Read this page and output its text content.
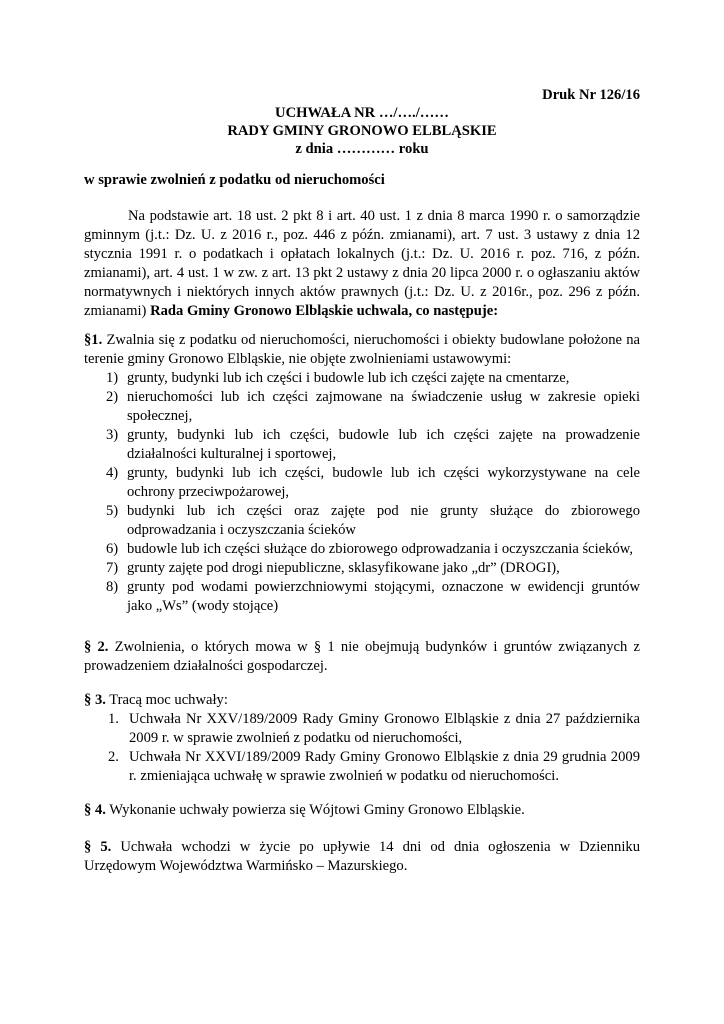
Druk Nr 126/16
UCHWAŁA NR …/…./……
RADY GMINY GRONOWO ELBLĄSKIE
z dnia ………… roku
w sprawie zwolnień z podatku od nieruchomości

Na podstawie art. 18 ust. 2 pkt 8 i art. 40 ust. 1 z dnia 8 marca 1990 r. o samorządzie gminnym (j.t.: Dz. U. z 2016 r., poz. 446 z późn. zmianami), art. 7 ust. 3 ustawy z dnia 12 stycznia 1991 r. o podatkach i opłatach lokalnych (j.t.: Dz. U. 2016 r. poz. 716, z późn. zmianami), art. 4 ust. 1 w zw. z art. 13 pkt 2 ustawy z dnia 20 lipca 2000 r. o ogłaszaniu aktów normatywnych i niektórych innych aktów prawnych (j.t.: Dz. U. z 2016r., poz. 296 z późn. zmianami) Rada Gminy Gronowo Elbląskie uchwala, co następuje:

§1. Zwalnia się z podatku od nieruchomości, nieruchomości i obiekty budowlane położone na terenie gminy Gronowo Elbląskie, nie objęte zwolnieniami ustawowymi:

1) grunty, budynki lub ich części i budowle lub ich części zajęte na cmentarze,
2) nieruchomości lub ich części zajmowane na świadczenie usług w zakresie opieki społecznej,
3) grunty, budynki lub ich części, budowle lub ich części zajęte na prowadzenie działalności kulturalnej i sportowej,
4) grunty, budynki lub ich części, budowle lub ich części wykorzystywane na cele ochrony przeciwpożarowej,
5) budynki lub ich części oraz zajęte pod nie grunty służące do zbiorowego odprowadzania i oczyszczania ścieków
6) budowle lub ich części służące do zbiorowego odprowadzania i oczyszczania ścieków,
7) grunty zajęte pod drogi niepubliczne, sklasyfikowane jako „dr” (DROGI),
8) grunty pod wodami powierzchniowymi stojącymi, oznaczone w ewidencji gruntów jako „Ws” (wody stojące)
§ 2. Zwolnienia, o których mowa w § 1 nie obejmują budynków i gruntów związanych z prowadzeniem działalności gospodarczej.
§ 3. Tracą moc uchwały:
1. Uchwała Nr XXV/189/2009 Rady Gminy Gronowo Elbląskie z dnia 27 października 2009 r. w sprawie zwolnień z podatku od nieruchomości,
2. Uchwała Nr XXVI/189/2009 Rady Gminy Gronowo Elbląskie z dnia 29 grudnia 2009 r. zmieniająca uchwałę w sprawie zwolnień w podatku od nieruchomości.
§ 4. Wykonanie uchwały powierza się Wójtowi Gminy Gronowo Elbląskie.
§ 5. Uchwała wchodzi w życie po upływie 14 dni od dnia ogłoszenia w Dzienniku Urzędowym Województwa Warmińsko – Mazurskiego.
